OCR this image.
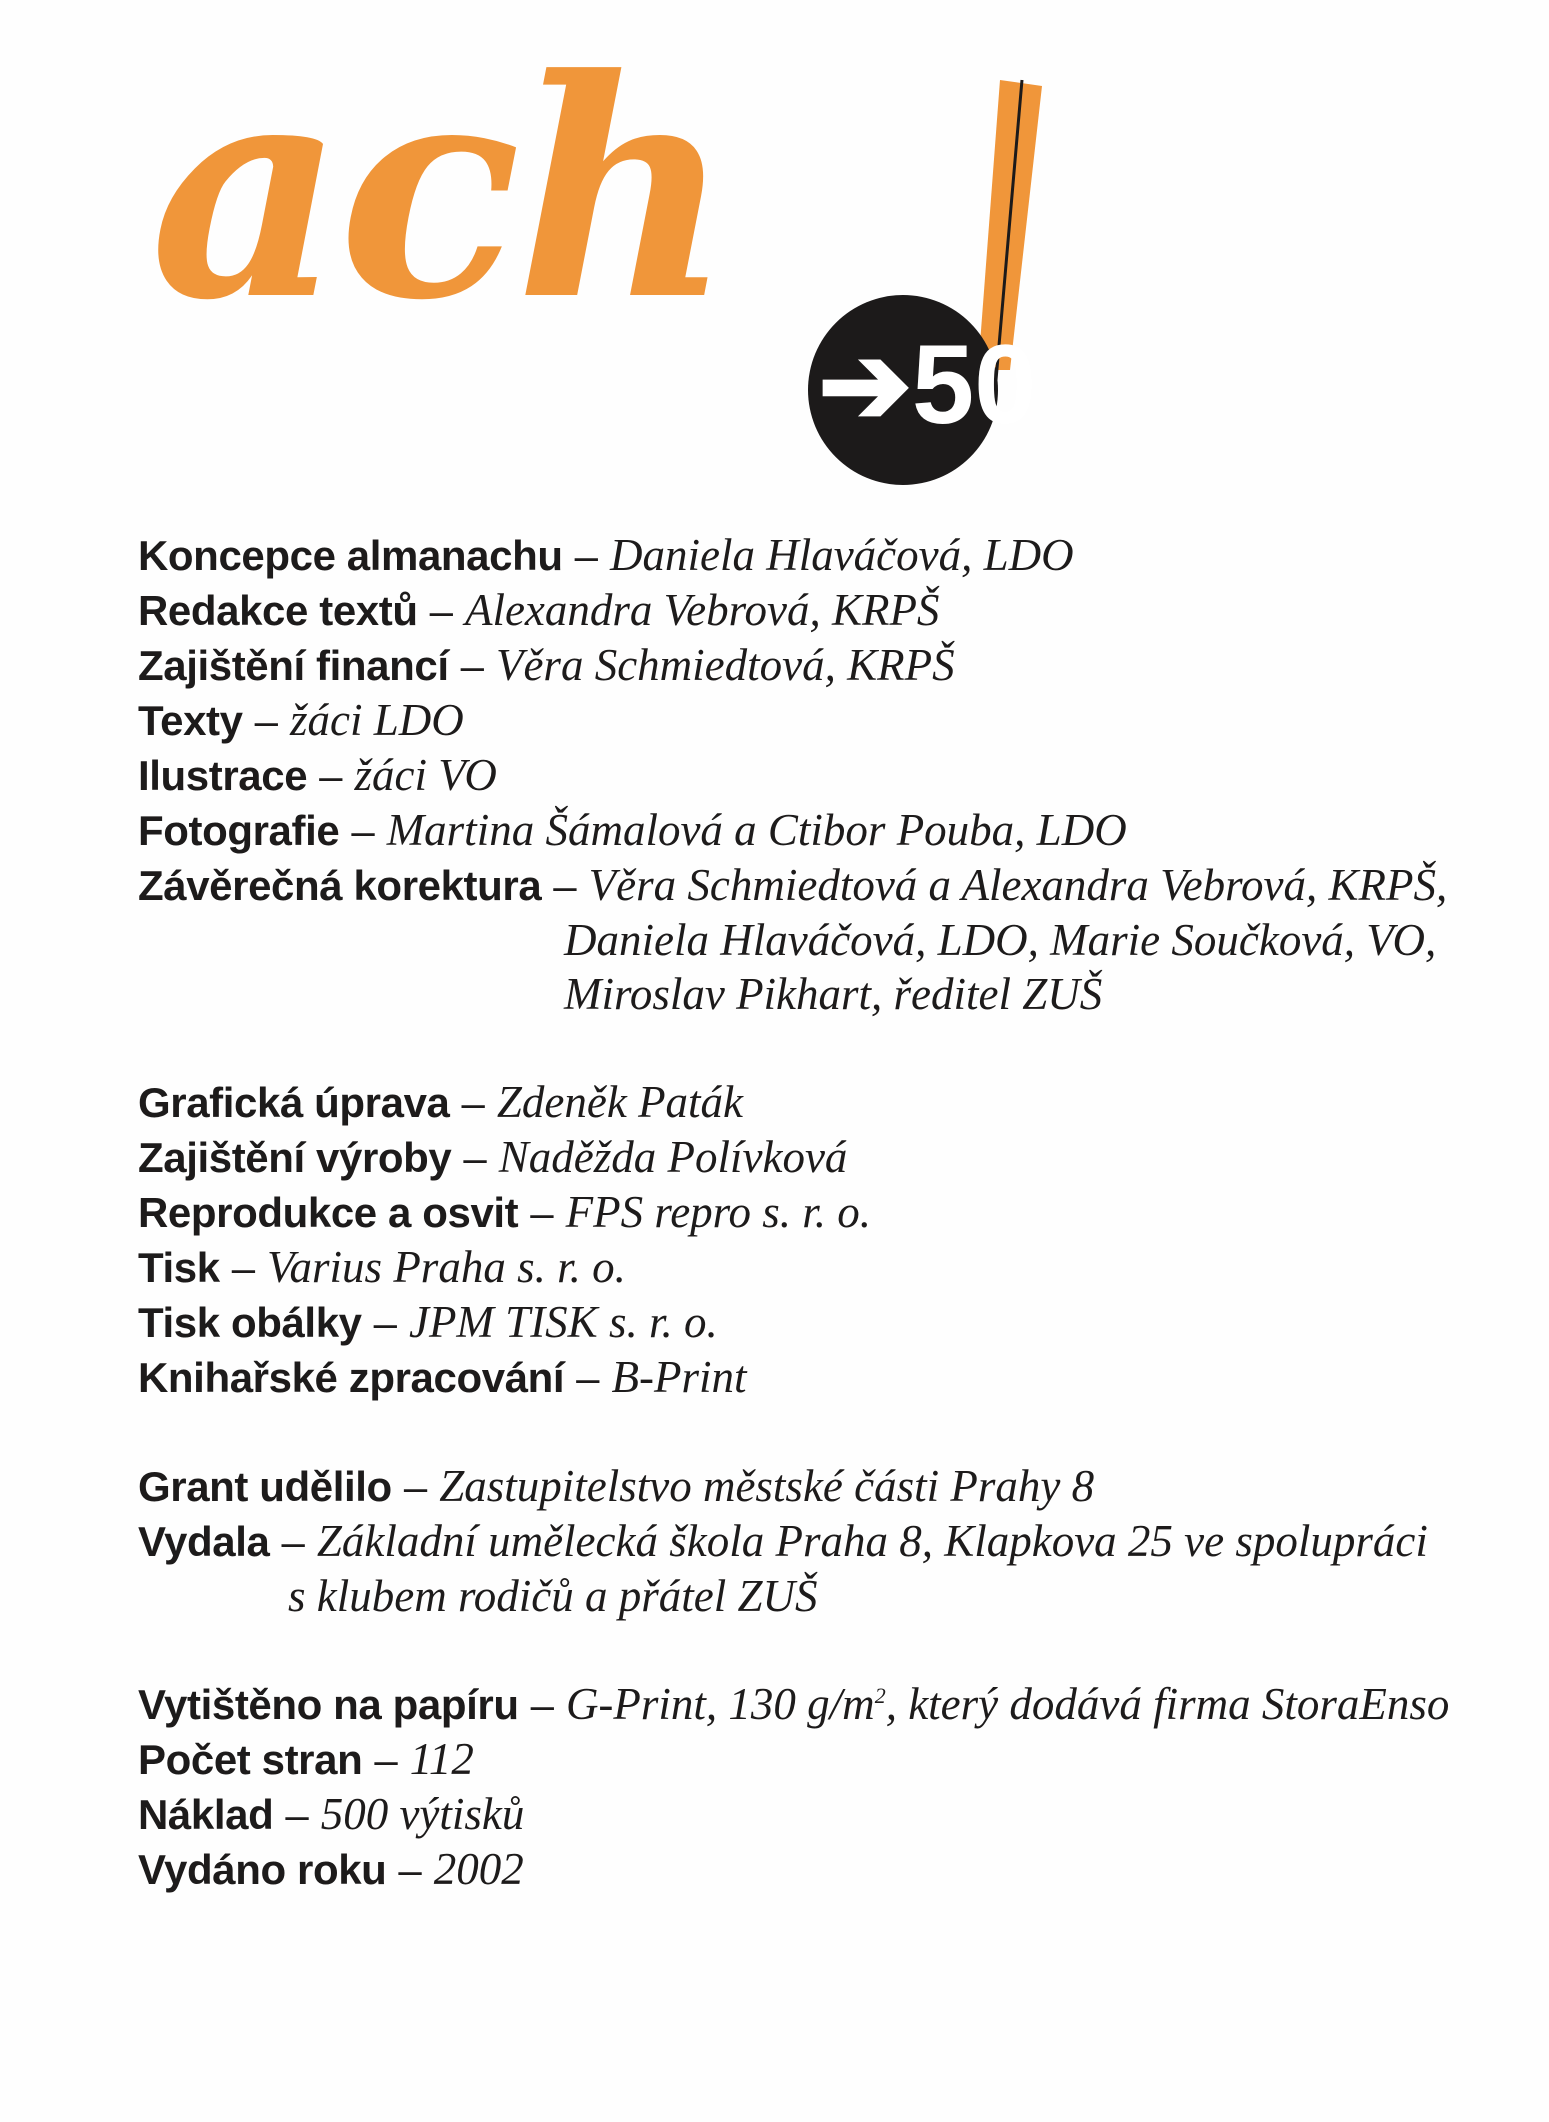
ach
➔50
Koncepce almanachu – Daniela Hlaváčová, LDO
Redakce textů – Alexandra Vebrová, KRPŠ
Zajištění financí – Věra Schmiedtová, KRPŠ
Texty – žáci LDO
Ilustrace – žáci VO
Fotografie – Martina Šámalová a Ctibor Pouba, LDO
Závěrečná korektura – Věra Schmiedtová a Alexandra Vebrová, KRPŠ,
Daniela Hlaváčová, LDO, Marie Součková, VO,
Miroslav Pikhart, ředitel ZUŠ
Grafická úprava – Zdeněk Paták
Zajištění výroby – Naděžda Polívková
Reprodukce a osvit – FPS repro s. r. o.
Tisk – Varius Praha s. r. o.
Tisk obálky – JPM TISK s. r. o.
Knihařské zpracování – B-Print
Grant udělilo – Zastupitelstvo městské části Prahy 8
Vydala – Základní umělecká škola Praha 8, Klapkova 25 ve spolupráci
s klubem rodičů a přátel ZUŠ
Vytištěno na papíru – G-Print, 130 $g/m^2$, který dodává firma StoraEnso
Počet stran – 112
Náklad – 500 výtisků
Vydáno roku – 2002
